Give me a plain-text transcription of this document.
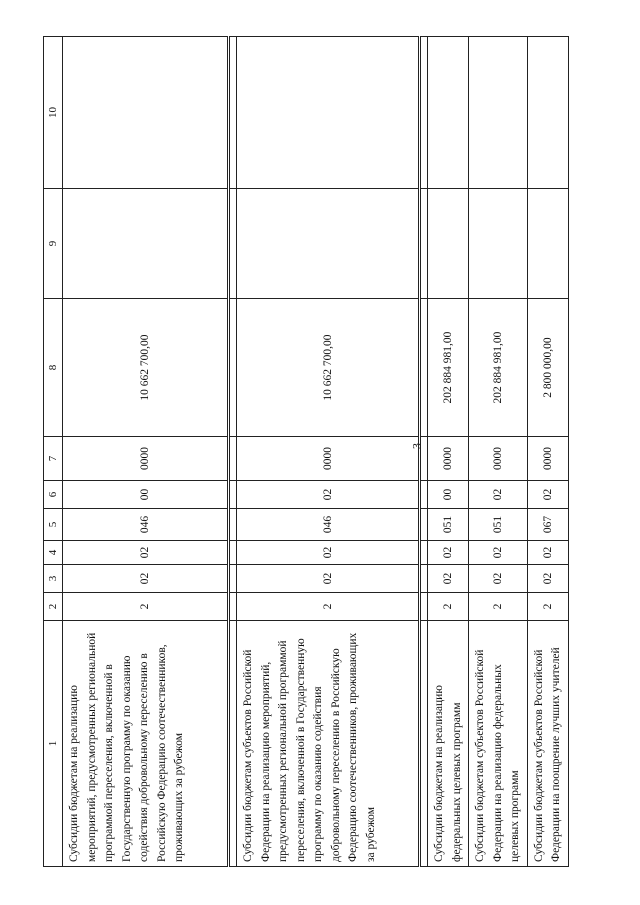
3
1	2	3	4	5	6	7	8	9	10
Субсидии бюджетам на реализацию мероприятий, предусмотренных региональной программой переселения, включенной в Государственную программу по оказанию содействия добровольному переселению в Российскую Федерацию соотечественников, проживающих за рубежом	2	02	02	046	00	0000	10 662 700,00		

Субсидии бюджетам субъектов Российской Федерации на реализацию мероприятий, предусмотренных региональной программой переселения, включенной в Государственную программу по оказанию содействия добровольному переселению в Российскую Федерацию соотечественников, проживающих за рубежом	2	02	02	046	02	0000	10 662 700,00		

Субсидии бюджетам на реализацию федеральных целевых программ	2	02	02	051	00	0000	202 884 981,00		
Субсидии бюджетам субъектов Российской Федерации на реализацию федеральных целевых программ	2	02	02	051	02	0000	202 884 981,00		
Субсидии бюджетам субъектов Российской Федерации на поощрение лучших учителей	2	02	02	067	02	0000	2 800 000,00		
